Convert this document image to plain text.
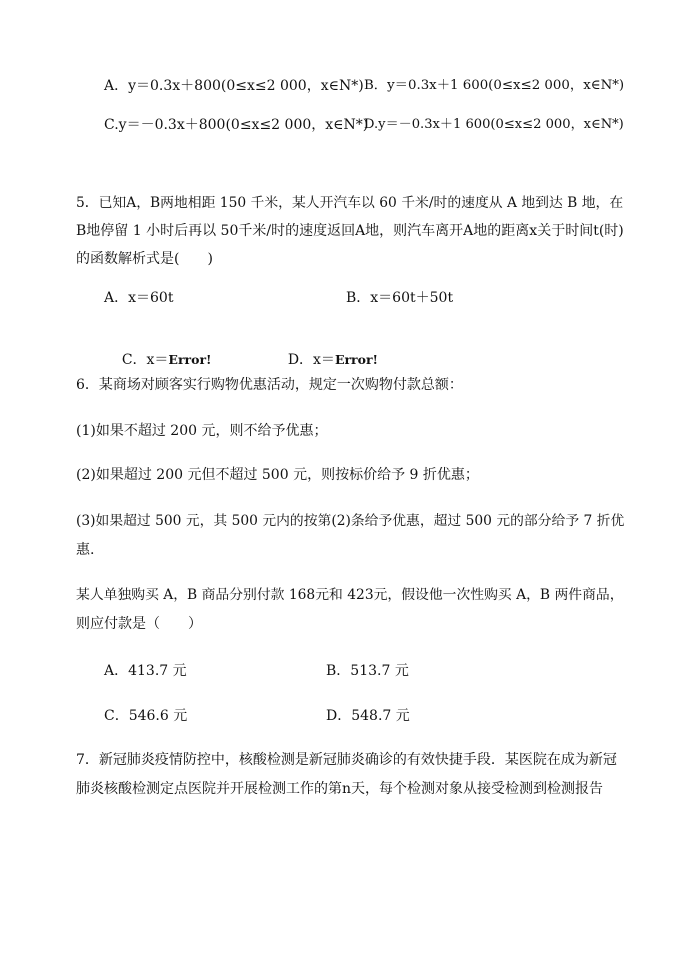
A．y＝0.3x＋800(0≤x≤2 000，x∈N*) B．y＝0.3x＋1 600(0≤x≤2 000，x∈N*)
C.y＝－0.3x＋800(0≤x≤2 000，x∈N*)
D.y＝－0.3x＋1 600(0≤x≤2 000，x∈N*)
5．已知A，B两地相距 150 千米，某人开汽车以 60 千米/时的速度从 A 地到达 B 地，在
B地停留 1 小时后再以 50千米/时的速度返回A地，则汽车离开A地的距离x关于时间t(时)
的函数解析式是(　　)
A．x＝60t	B．x＝60t＋50t

C．x＝Error!
	D．x＝Error!

6．某商场对顾客实行购物优惠活动，规定一次购物付款总额：
(1)如果不超过 200 元，则不给予优惠；
(2)如果超过 200 元但不超过 500 元，则按标价给予 9 折优惠；
(3)如果超过 500 元，其 500 元内的按第(2)条给予优惠，超过 500 元的部分给予 7 折优
惠.
某人单独购买 A，B 商品分别付款 168元和 423元，假设他一次性购买 A，B 两件商品，
则应付款是（　　）
A．413.7 元	B．513.7 元
C．546.6 元	D．548.7 元
7．新冠肺炎疫情防控中，核酸检测是新冠肺炎确诊的有效快捷手段．某医院在成为新冠
肺炎核酸检测定点医院并开展检测工作的第n天，每个检测对象从接受检测到检测报告
